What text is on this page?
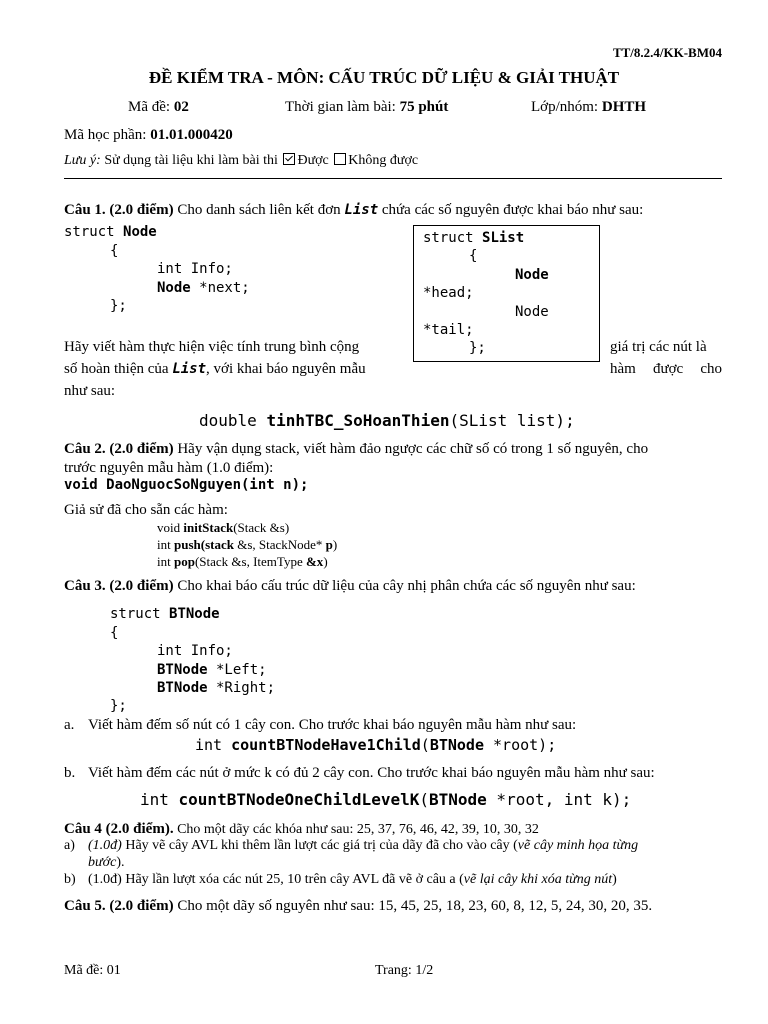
TT/8.2.4/KK-BM04
ĐỀ KIỂM TRA - MÔN: CẤU TRÚC DỮ LIỆU & GIẢI THUẬT
Mã đề: 02	Thời gian làm bài: 75 phút	Lớp/nhóm: DHTH
Mã học phần: 01.01.000420
Lưu ý: Sử dụng tài liệu khi làm bài thi Được Không được
Câu 1. (2.0 điểm) Cho danh sách liên kết đơn List chứa các số nguyên được khai báo như sau:
struct Node
{
int Info;
Node *next;
};
struct SList
{
Node
*head;
Node
*tail;
};
Hãy viết hàm thực hiện việc tính trung bình cộng	giá trị các nút là
số hoàn thiện của List, với khai báo nguyên mẫu	hàm được cho
như sau:
double tinhTBC_SoHoanThien(SList list);
Câu 2. (2.0 điểm) Hãy vận dụng stack, viết hàm đảo ngược các chữ số có trong 1 số nguyên, cho
trước nguyên mẫu hàm (1.0 điểm):
void DaoNguocSoNguyen(int n);
Giả sử đã cho sẵn các hàm:
void initStack(Stack &s)
int push(stack &s, StackNode* p)
int pop(Stack &s, ItemType &x)
Câu 3. (2.0 điểm) Cho khai báo cấu trúc dữ liệu của cây nhị phân chứa các số nguyên như sau:
struct BTNode
{
int Info;
BTNode *Left;
BTNode *Right;
};
a. Viết hàm đếm số nút có 1 cây con. Cho trước khai báo nguyên mẫu hàm như sau:
int countBTNodeHave1Child(BTNode *root);
b. Viết hàm đếm các nút ở mức k có đủ 2 cây con. Cho trước khai báo nguyên mẫu hàm như sau:
int countBTNodeOneChildLevelK(BTNode *root, int k);
Câu 4 (2.0 điểm). Cho một dãy các khóa như sau: 25, 37, 76, 46, 42, 39, 10, 30, 32
a) (1.0đ) Hãy vẽ cây AVL khi thêm lần lượt các giá trị của dãy đã cho vào cây (vẽ cây minh họa từng
bước).
b) (1.0đ) Hãy lần lượt xóa các nút 25, 10 trên cây AVL đã vẽ ở câu a (vẽ lại cây khi xóa từng nút)
Câu 5. (2.0 điểm) Cho một dãy số nguyên như sau: 15, 45, 25, 18, 23, 60, 8, 12, 5, 24, 30, 20, 35.
Mã đề: 01	Trang: 1/2
